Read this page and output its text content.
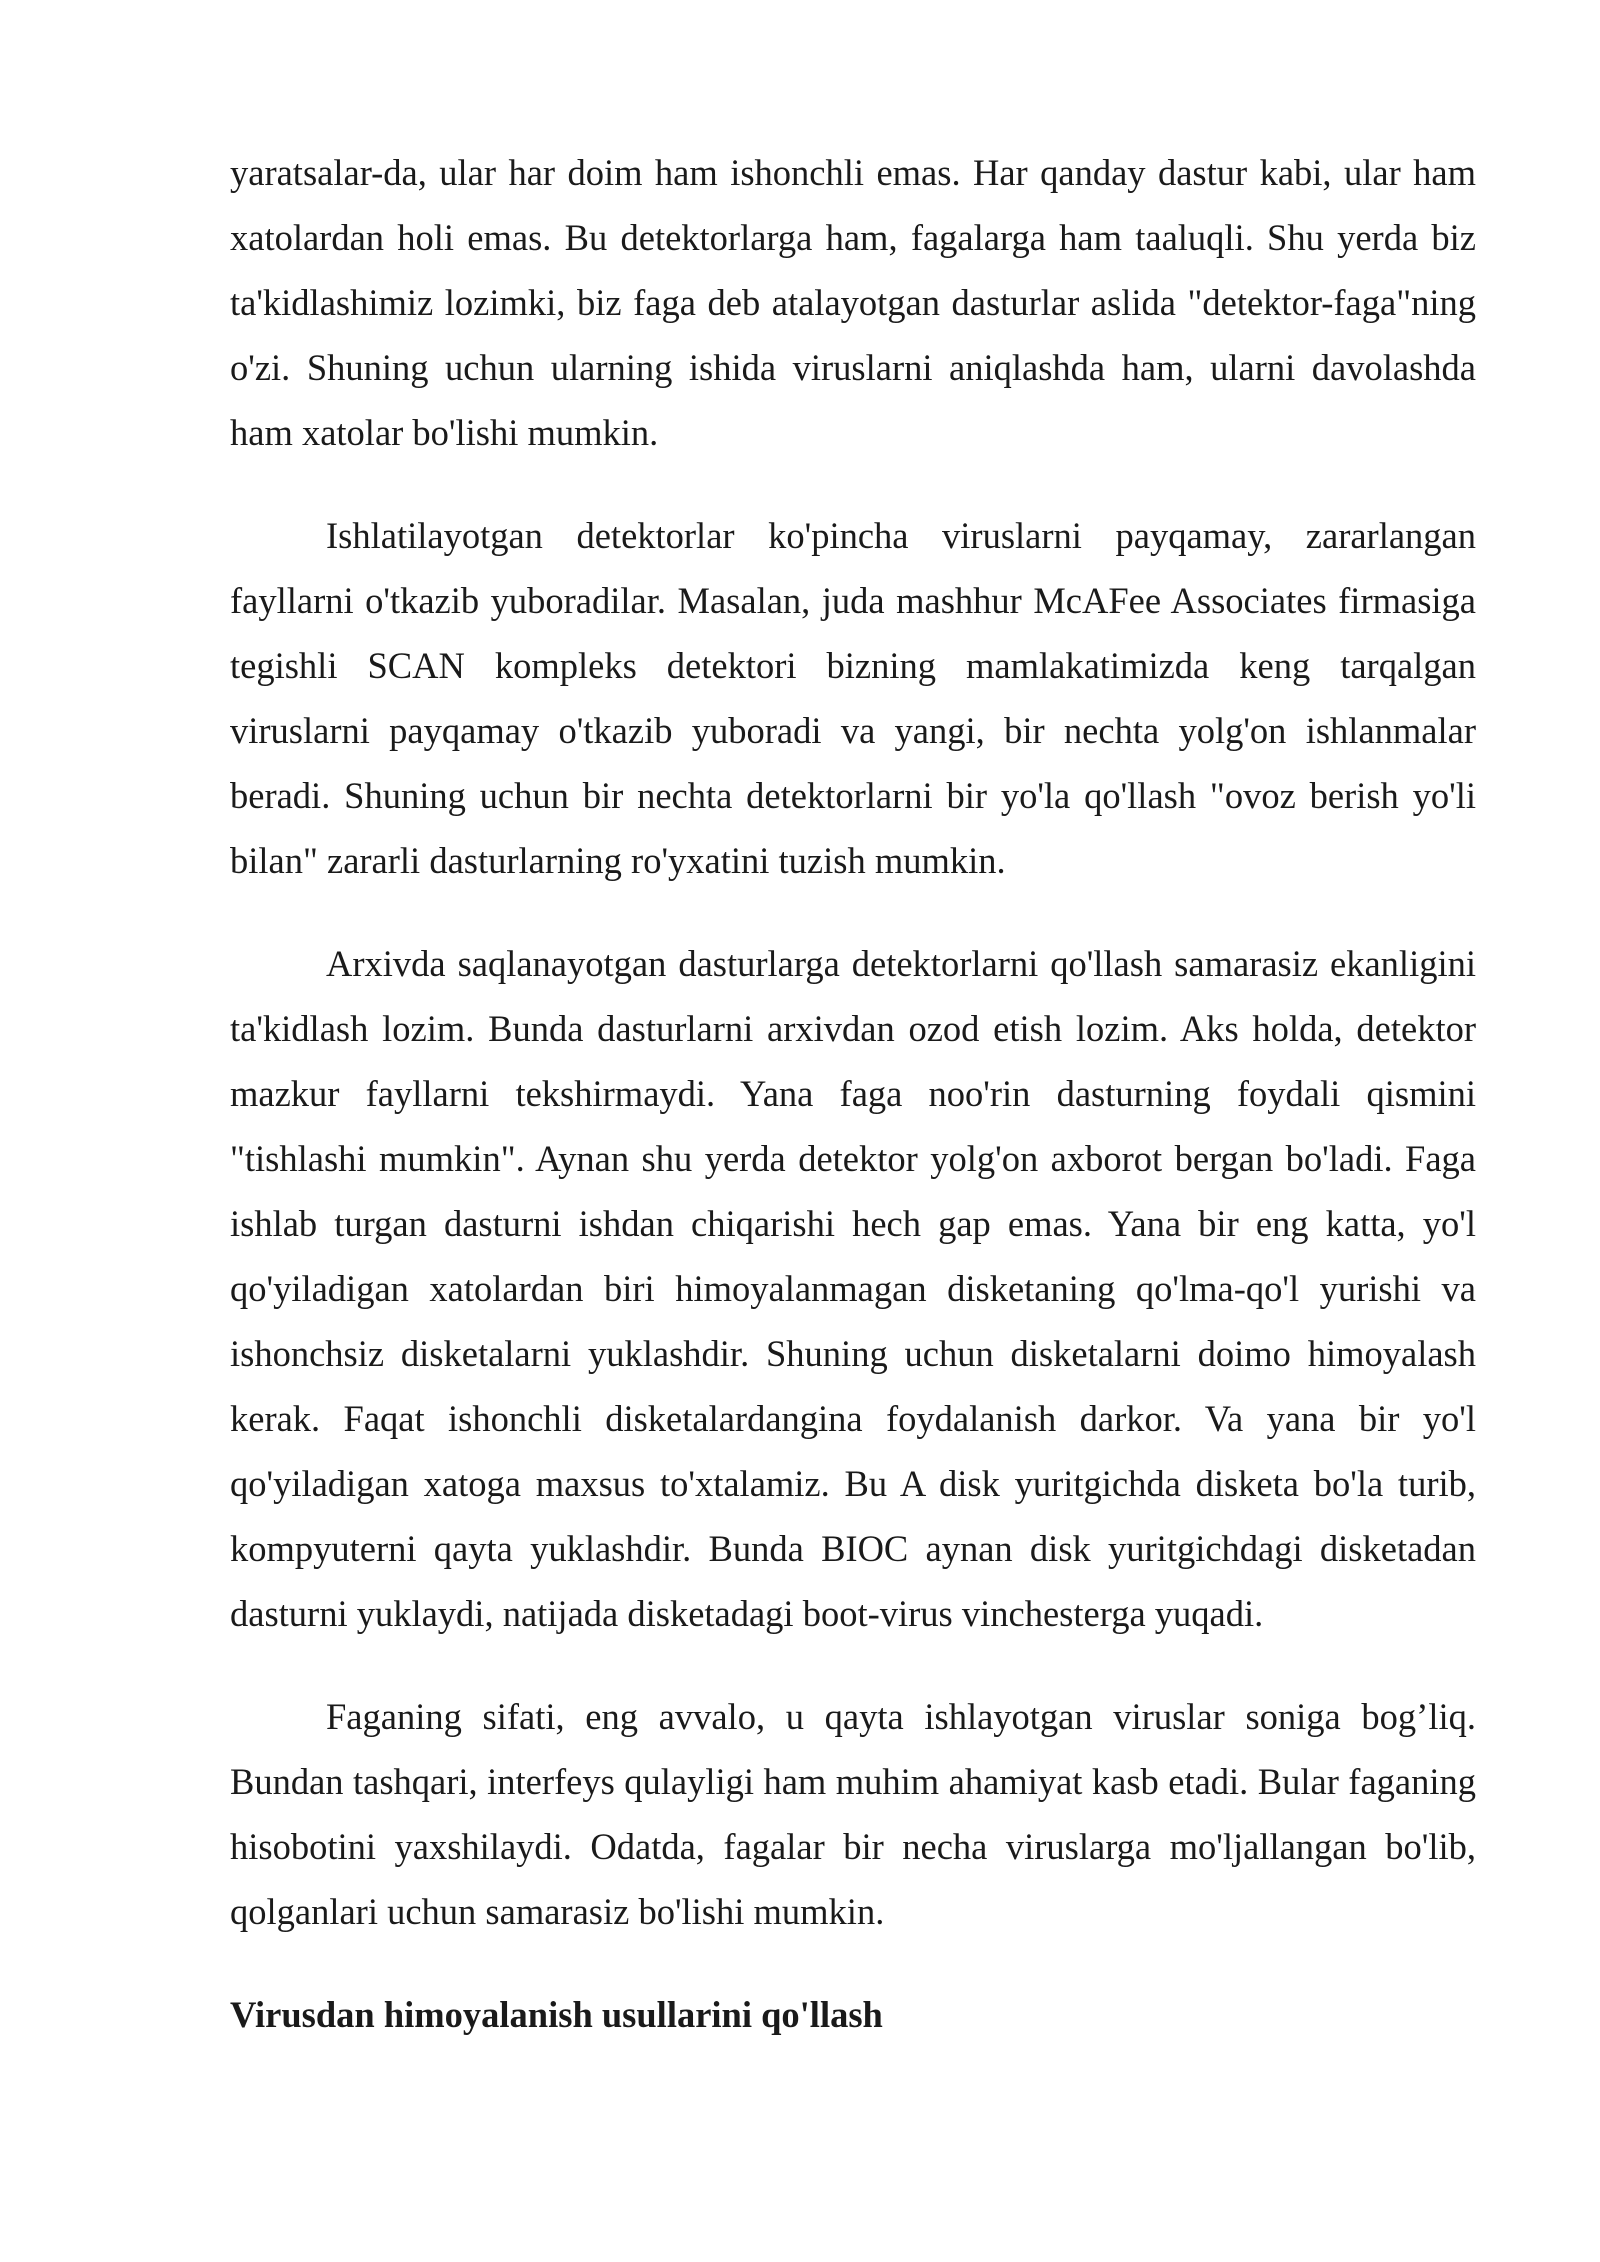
yaratsalar-da, ular har doim ham ishonchli emas. Har qanday dastur kabi, ular ham xatolardan holi emas. Bu detektorlarga ham, fagalarga ham taaluqli. Shu yerda biz ta'kidlashimiz lozimki, biz faga deb atalayotgan dasturlar aslida "detektor-faga"ning o'zi. Shuning uchun ularning ishida viruslarni aniqlashda ham, ularni davolashda ham xatolar bo'lishi mumkin.

Ishlatilayotgan detektorlar ko'pincha viruslarni payqamay, zararlangan fayllarni o'tkazib yuboradilar. Masalan, juda mashhur McAFee Associates firmasiga tegishli SCAN kompleks detektori bizning mamlakatimizda keng tarqalgan viruslarni payqamay o'tkazib yuboradi va yangi, bir nechta yolg'on ishlanmalar beradi. Shuning uchun bir nechta detektorlarni bir yo'la qo'llash "ovoz berish yo'li bilan" zararli dasturlarning ro'yxatini tuzish mumkin.

Arxivda saqlanayotgan dasturlarga detektorlarni qo'llash samarasiz ekanligini ta'kidlash lozim. Bunda dasturlarni arxivdan ozod etish lozim. Aks holda, detektor mazkur fayllarni tekshirmaydi. Yana faga noo'rin dasturning foydali qismini "tishlashi mumkin". Aynan shu yerda detektor yolg'on axborot bergan bo'ladi. Faga ishlab turgan dasturni ishdan chiqarishi hech gap emas. Yana bir eng katta, yo'l qo'yiladigan xatolardan biri himoyalanmagan disketaning qo'lma-qo'l yurishi va ishonchsiz disketalarni yuklashdir. Shuning uchun disketalarni doimo himoyalash kerak. Faqat ishonchli disketalardangina foydalanish darkor. Va yana bir yo'l qo'yiladigan xatoga maxsus to'xtalamiz. Bu A disk yuritgichda disketa bo'la turib, kompyuterni qayta yuklashdir. Bunda BIOC aynan disk yuritgichdagi disketadan dasturni yuklaydi, natijada disketadagi boot-virus vinchesterga yuqadi.

Faganing sifati, eng avvalo, u qayta ishlayotgan viruslar soniga bog’liq. Bundan tashqari, interfeys qulayligi ham muhim ahamiyat kasb etadi. Bular faganing hisobotini yaxshilaydi. Odatda, fagalar bir necha viruslarga mo'ljallangan bo'lib, qolganlari uchun samarasiz bo'lishi mumkin.

Virusdan himoyalanish usullarini qo'llash
